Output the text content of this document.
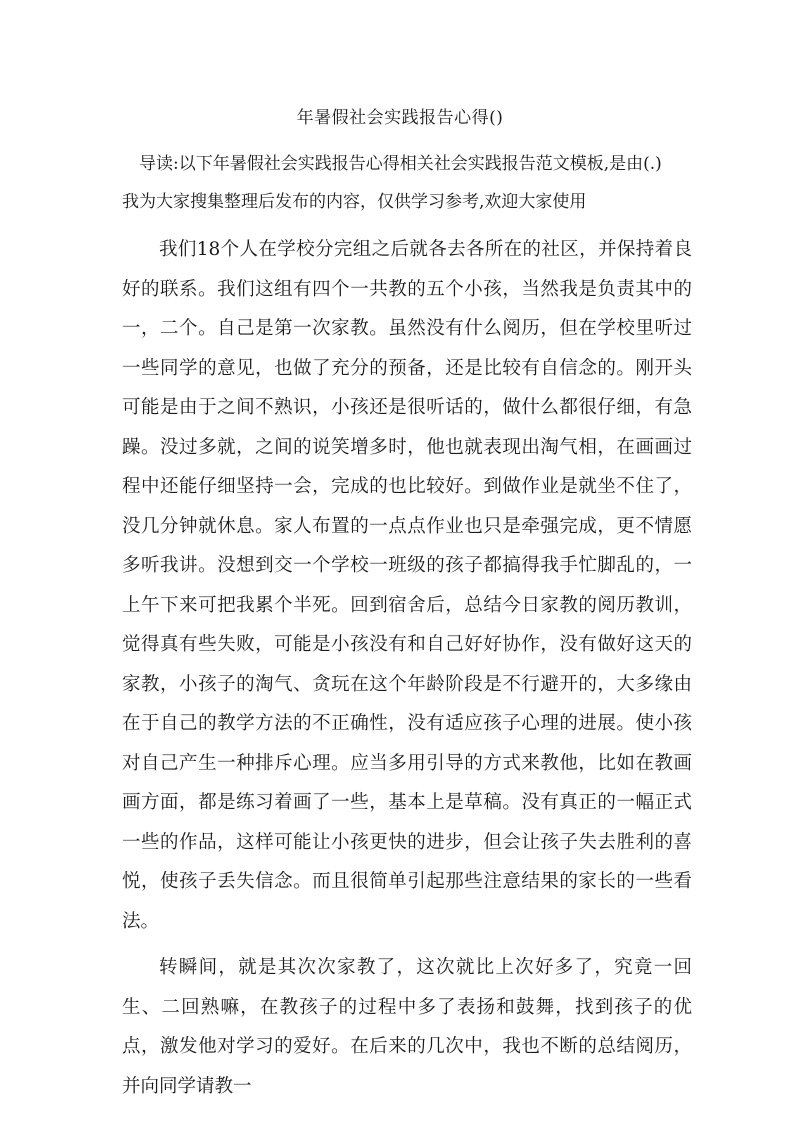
年暑假社会实践报告心得()
导读:以下年暑假社会实践报告心得相关社会实践报告范文模板,是由(.)
我为大家搜集整理后发布的内容，仅供学习参考,欢迎大家使用

我们18个人在学校分完组之后就各去各所在的社区，并保持着良好的联系。我们这组有四个一共教的五个小孩，当然我是负责其中的一，二个。自己是第一次家教。虽然没有什么阅历，但在学校里听过一些同学的意见，也做了充分的预备，还是比较有自信念的。刚开头可能是由于之间不熟识，小孩还是很听话的，做什么都很仔细，有急躁。没过多就，之间的说笑增多时，他也就表现出淘气相，在画画过程中还能仔细坚持一会，完成的也比较好。到做作业是就坐不住了，没几分钟就休息。家人布置的一点点作业也只是牵强完成，更不情愿多听我讲。没想到交一个学校一班级的孩子都搞得我手忙脚乱的，一上午下来可把我累个半死。回到宿舍后，总结今日家教的阅历教训，觉得真有些失败，可能是小孩没有和自己好好协作，没有做好这天的家教，小孩子的淘气、贪玩在这个年龄阶段是不行避开的，大多缘由在于自己的教学方法的不正确性，没有适应孩子心理的进展。使小孩对自己产生一种排斥心理。应当多用引导的方式来教他，比如在教画画方面，都是练习着画了一些，基本上是草稿。没有真正的一幅正式一些的作品，这样可能让小孩更快的进步，但会让孩子失去胜利的喜悦，使孩子丢失信念。而且很简单引起那些注意结果的家长的一些看法。

转瞬间，就是其次次家教了，这次就比上次好多了，究竟一回生、二回熟嘛，在教孩子的过程中多了表扬和鼓舞，找到孩子的优点，激发他对学习的爱好。在后来的几次中，我也不断的总结阅历，并向同学请教一
